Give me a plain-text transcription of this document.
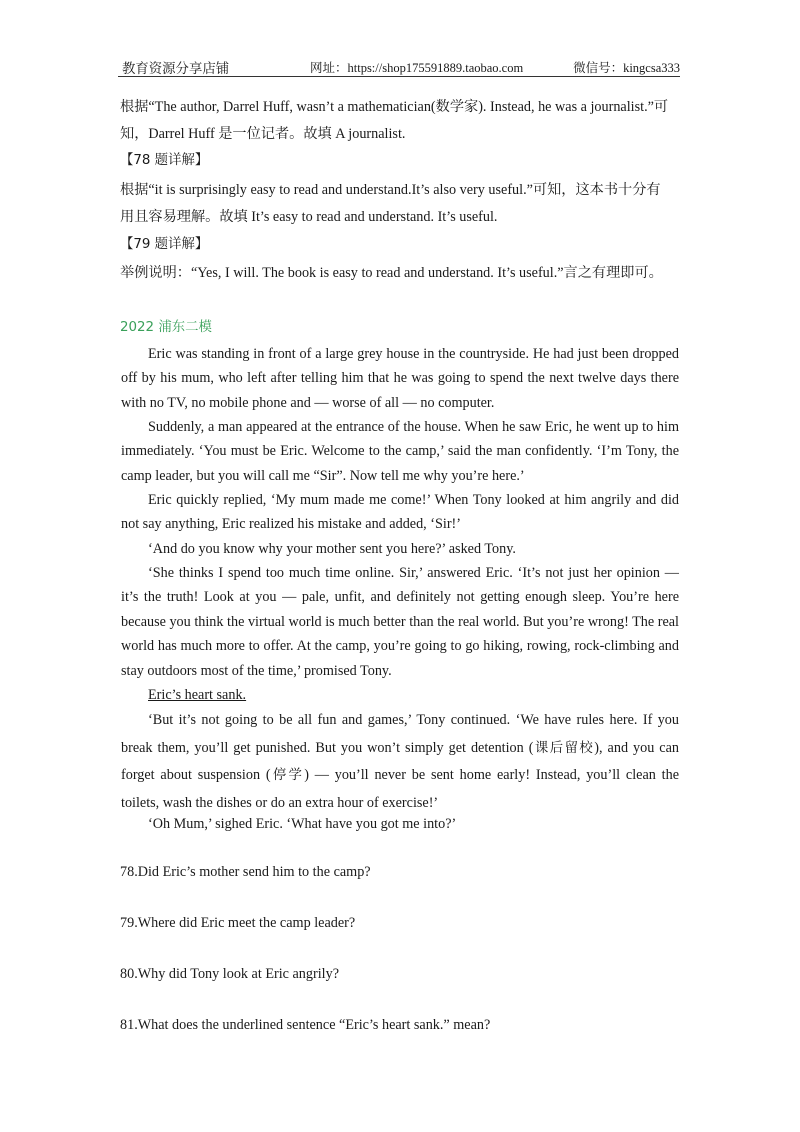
教育资源分享店铺	网址：https://shop175591889.taobao.com	微信号：kingcsa333
根据“The author, Darrel Huff, wasn’t a mathematician(数学家). Instead, he was a journalist.”可
知，Darrel Huff 是一位记者。故填 A journalist.
【78 题详解】
根据“it is surprisingly easy to read and understand.It’s also very useful.”可知，这本书十分有
用且容易理解。故填 It’s easy to read and understand. It’s useful.
【79 题详解】
举例说明：“Yes, I will. The book is easy to read and understand. It’s useful.”言之有理即可。
2022 浦东二模
Eric was standing in front of a large grey house in the countryside. He had just been dropped off by his mum, who left after telling him that he was going to spend the next twelve days there with no TV, no mobile phone and — worse of all — no computer.
Suddenly, a man appeared at the entrance of the house. When he saw Eric, he went up to him immediately. ‘You must be Eric. Welcome to the camp,’ said the man confidently. ‘I’m Tony, the camp leader, but you will call me “Sir”. Now tell me why you’re here.’
Eric quickly replied, ‘My mum made me come!’ When Tony looked at him angrily and did not say anything, Eric realized his mistake and added, ‘Sir!’
‘And do you know why your mother sent you here?’ asked Tony.
‘She thinks I spend too much time online. Sir,’ answered Eric. ‘It’s not just her opinion — it’s the truth! Look at you — pale, unfit, and definitely not getting enough sleep. You’re here because you think the virtual world is much better than the real world. But you’re wrong! The real world has much more to offer. At the camp, you’re going to go hiking, rowing, rock-climbing and stay outdoors most of the time,’ promised Tony.
Eric’s heart sank.
‘But it’s not going to be all fun and games,’ Tony continued. ‘We have rules here. If you break them, you’ll get punished. But you won’t simply get detention (课后留校), and you can forget about suspension (停学) — you’ll never be sent home early! Instead, you’ll clean the toilets, wash the dishes or do an extra hour of exercise!’
‘Oh Mum,’ sighed Eric. ‘What have you got me into?’
78.Did Eric’s mother send him to the camp?
79.Where did Eric meet the camp leader?
80.Why did Tony look at Eric angrily?
81.What does the underlined sentence “Eric’s heart sank.” mean?
